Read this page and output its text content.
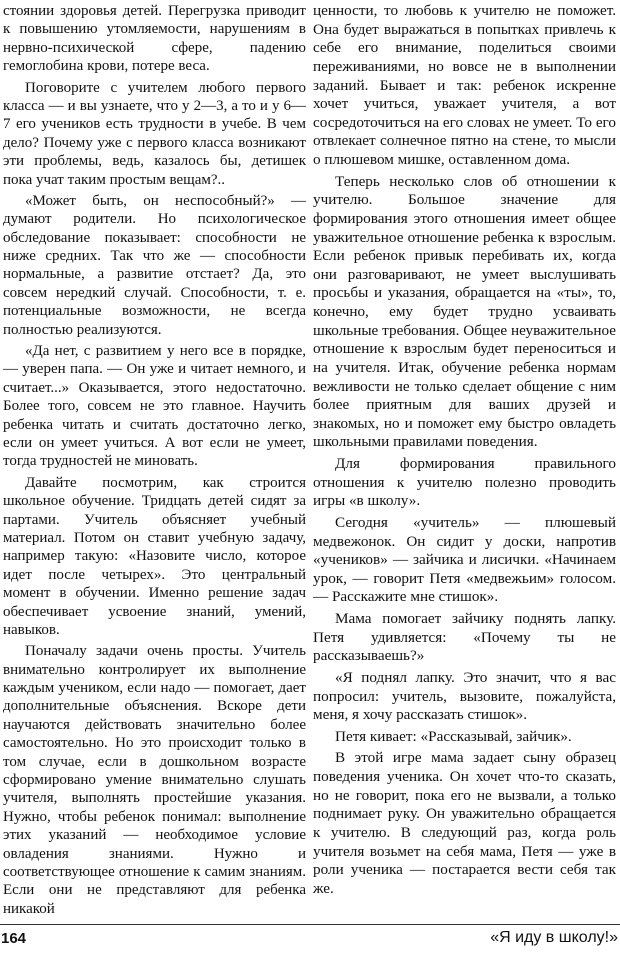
стоянии здоровья детей. Перегрузка приводит к повышению утомляемости, нарушениям в нервно-психической сфере, падению гемоглобина крови, потере веса.

Поговорите с учителем любого первого класса — и вы узнаете, что у 2—3, а то и у 6—7 его учеников есть трудности в учебе. В чем дело? Почему уже с первого класса возникают эти проблемы, ведь, казалось бы, детишек пока учат таким простым вещам?..

«Может быть, он неспособный?» — думают родители. Но психологическое обследование показывает: способности не ниже средних. Так что же — способности нормальные, а развитие отстает? Да, это совсем нередкий случай. Способности, т. е. потенциальные возможности, не всегда полностью реализуются.

«Да нет, с развитием у него все в порядке, — уверен папа. — Он уже и читает немного, и считает...» Оказывается, этого недостаточно. Более того, совсем не это главное. Научить ребенка читать и считать достаточно легко, если он умеет учиться. А вот если не умеет, тогда трудностей не миновать.

Давайте посмотрим, как строится школьное обучение. Тридцать детей сидят за партами. Учитель объясняет учебный материал. Потом он ставит учебную задачу, например такую: «Назовите число, которое идет после четырех». Это центральный момент в обучении. Именно решение задач обеспечивает усвоение знаний, умений, навыков.

Поначалу задачи очень просты. Учитель внимательно контролирует их выполнение каждым учеником, если надо — помогает, дает дополнительные объяснения. Вскоре дети научаются действовать значительно более самостоятельно. Но это происходит только в том случае, если в дошкольном возрасте сформировано умение внимательно слушать учителя, выполнять простейшие указания. Нужно, чтобы ребенок понимал: выполнение этих указаний — необходимое условие овладения знаниями. Нужно и соответствующее отношение к самим знаниям. Если они не представляют для ребенка никакой

ценности, то любовь к учителю не поможет. Она будет выражаться в попытках привлечь к себе его внимание, поделиться своими переживаниями, но вовсе не в выполнении заданий. Бывает и так: ребенок искренне хочет учиться, уважает учителя, а вот сосредоточиться на его словах не умеет. То его отвлекает солнечное пятно на стене, то мысли о плюшевом мишке, оставленном дома.

Теперь несколько слов об отношении к учителю. Большое значение для формирования этого отношения имеет общее уважительное отношение ребенка к взрослым. Если ребенок привык перебивать их, когда они разговаривают, не умеет выслушивать просьбы и указания, обращается на «ты», то, конечно, ему будет трудно усваивать школьные требования. Общее неуважительное отношение к взрослым будет переноситься и на учителя. Итак, обучение ребенка нормам вежливости не только сделает общение с ним более приятным для ваших друзей и знакомых, но и поможет ему быстро овладеть школьными правилами поведения.

Для формирования правильного отношения к учителю полезно проводить игры «в школу».

Сегодня «учитель» — плюшевый медвежонок. Он сидит у доски, напротив «учеников» — зайчика и лисички. «Начинаем урок, — говорит Петя «медвежьим» голосом. — Расскажите мне стишок».

Мама помогает зайчику поднять лапку. Петя удивляется: «Почему ты не рассказываешь?»

«Я поднял лапку. Это значит, что я вас попросил: учитель, вызовите, пожалуйста, меня, я хочу рассказать стишок».

Петя кивает: «Рассказывай, зайчик».

В этой игре мама задает сыну образец поведения ученика. Он хочет что-то сказать, но не говорит, пока его не вызвали, а только поднимает руку. Он уважительно обращается к учителю. В следующий раз, когда роль учителя возьмет на себя мама, Петя — уже в роли ученика — постарается вести себя так же.

164	«Я иду в школу!»
